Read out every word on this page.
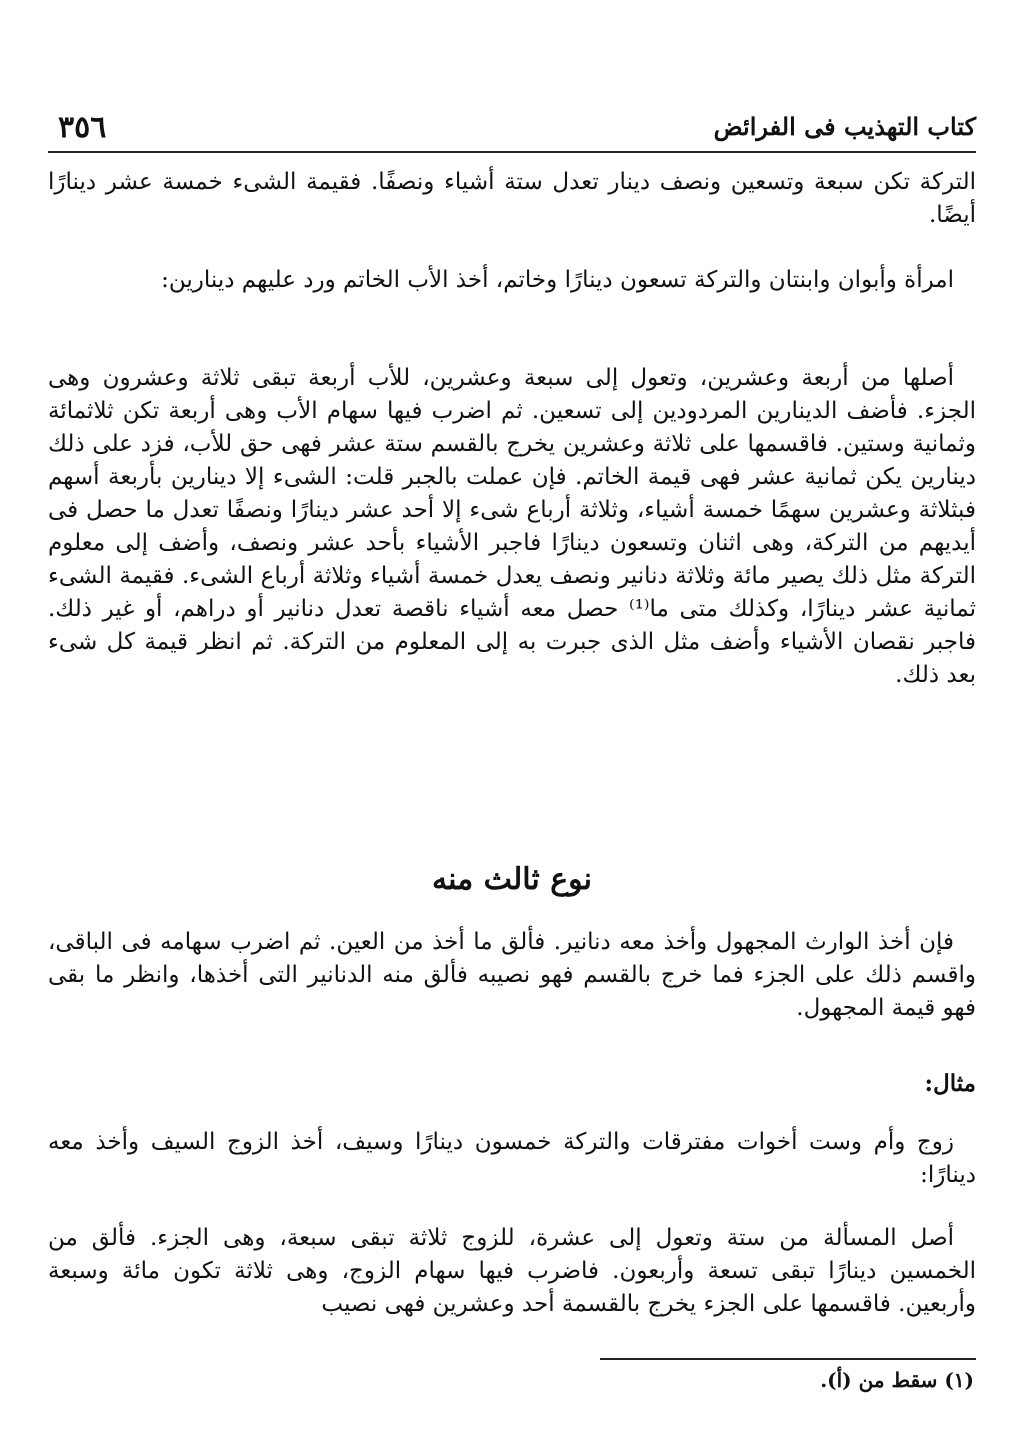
كتاب التهذيب فى الفرائض
٣٥٦

التركة تكن سبعة وتسعين ونصف دينار تعدل ستة أشياء ونصفًا. فقيمة الشىء خمسة عشر دينارًا أيضًا.

امرأة وأبوان وابنتان والتركة تسعون دينارًا وخاتم، أخذ الأب الخاتم ورد عليهم دينارين:

أصلها من أربعة وعشرين، وتعول إلى سبعة وعشرين، للأب أربعة تبقى ثلاثة وعشرون وهى الجزء. فأضف الدينارين المردودين إلى تسعين. ثم اضرب فيها سهام الأب وهى أربعة تكن ثلاثمائة وثمانية وستين. فاقسمها على ثلاثة وعشرين يخرج بالقسم ستة عشر فهى حق للأب، فزد على ذلك دينارين يكن ثمانية عشر فهى قيمة الخاتم. فإن عملت بالجبر قلت: الشىء إلا دينارين بأربعة أسهم فبثلاثة وعشرين سهمًا خمسة أشياء، وثلاثة أرباع شىء إلا أحد عشر دينارًا ونصفًا تعدل ما حصل فى أيديهم من التركة، وهى اثنان وتسعون دينارًا فاجبر الأشياء بأحد عشر ونصف، وأضف إلى معلوم التركة مثل ذلك يصير مائة وثلاثة دنانير ونصف يعدل خمسة أشياء وثلاثة أرباع الشىء. فقيمة الشىء ثمانية عشر دينارًا، وكذلك متى ما⁽¹⁾ حصل معه أشياء ناقصة تعدل دنانير أو دراهم، أو غير ذلك. فاجبر نقصان الأشياء وأضف مثل الذى جبرت به إلى المعلوم من التركة. ثم انظر قيمة كل شىء بعد ذلك.

نوع ثالث منه

فإن أخذ الوارث المجهول وأخذ معه دنانير. فألق ما أخذ من العين. ثم اضرب سهامه فى الباقى، واقسم ذلك على الجزء فما خرج بالقسم فهو نصيبه فألق منه الدنانير التى أخذها، وانظر ما بقى فهو قيمة المجهول.

مثال:

زوج وأم وست أخوات مفترقات والتركة خمسون دينارًا وسيف، أخذ الزوج السيف وأخذ معه دينارًا:

أصل المسألة من ستة وتعول إلى عشرة، للزوج ثلاثة تبقى سبعة، وهى الجزء. فألق من الخمسين دينارًا تبقى تسعة وأربعون. فاضرب فيها سهام الزوج، وهى ثلاثة تكون مائة وسبعة وأربعين. فاقسمها على الجزء يخرج بالقسمة أحد وعشرين فهى نصيب

(١) سقط من (أ).
